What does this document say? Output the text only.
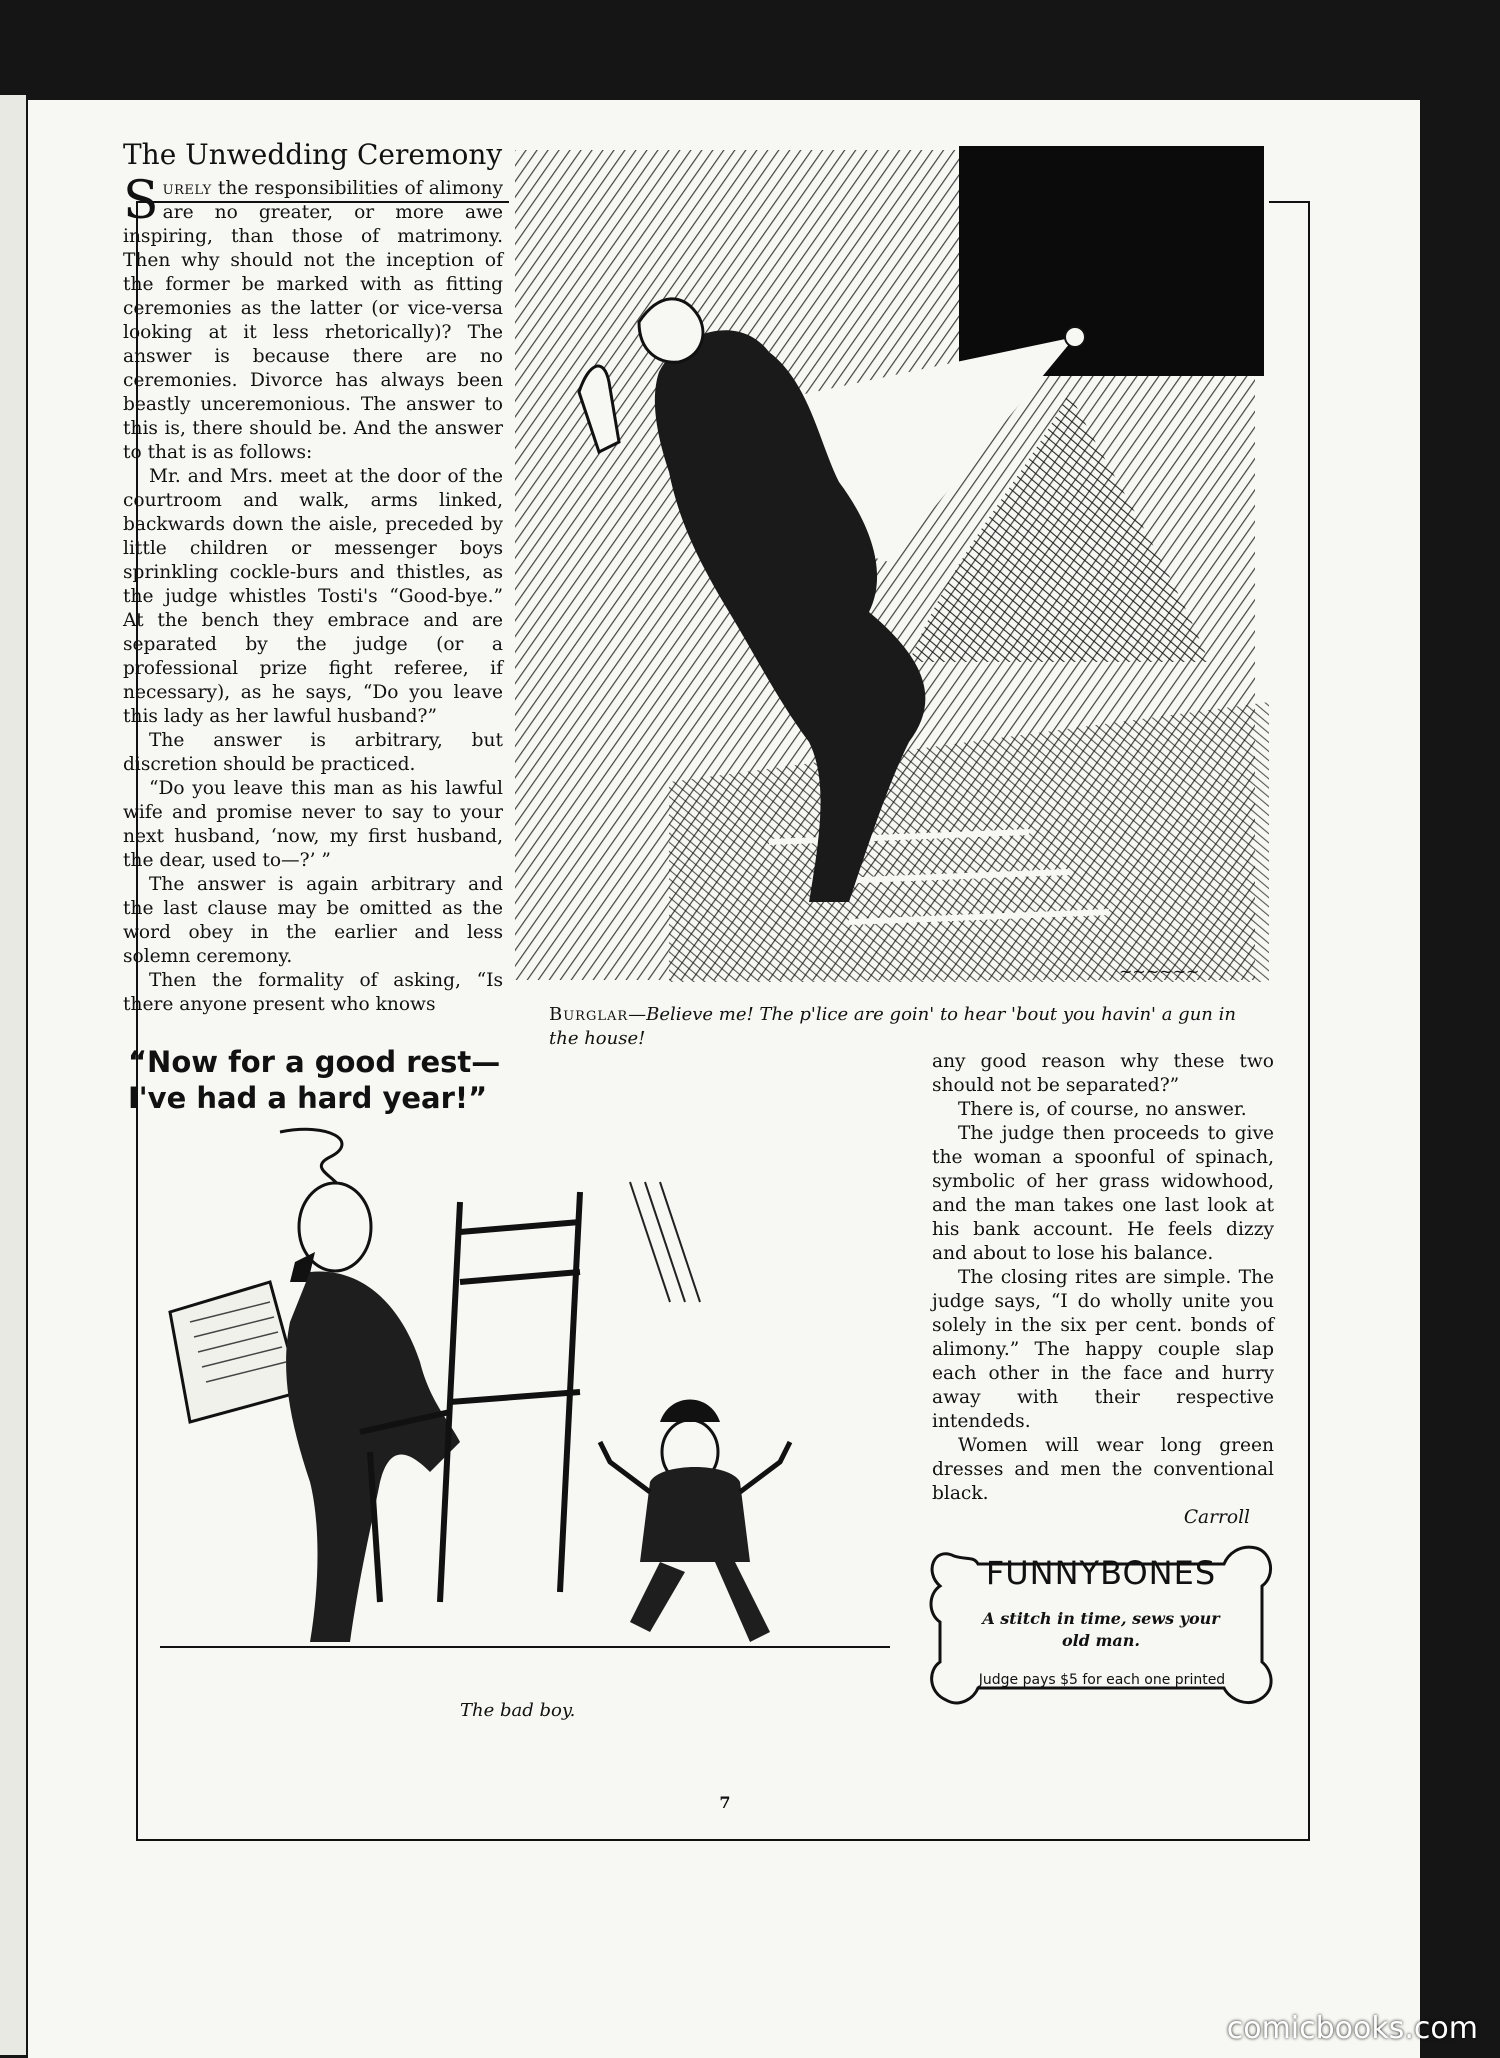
The Unwedding Ceremony

Surely the responsibilities of alimony are no greater, or more awe inspiring, than those of matrimony. Then why should not the inception of the former be marked with as fitting ceremonies as the latter (or vice-versa looking at it less rhetorically)? The answer is because there are no ceremonies. Divorce has always been beastly unceremonious. The answer to this is, there should be. And the answer to that is as follows:

Mr. and Mrs. meet at the door of the courtroom and walk, arms linked, backwards down the aisle, preceded by little children or messenger boys sprinkling cockle-burs and thistles, as the judge whistles Tosti's “Good-bye.” At the bench they embrace and are separated by the judge (or a professional prize fight referee, if necessary), as he says, “Do you leave this lady as her lawful husband?”

The answer is arbitrary, but discretion should be practiced.

“Do you leave this man as his lawful wife and promise never to say to your next husband, ‘now, my first husband, the dear, used to—?’ ”

The answer is again arbitrary and the last clause may be omitted as the word obey in the earlier and less solemn ceremony.

Then the formality of asking, “Is there anyone present who knows

~~~~~~
Burglar—Believe me! The p'lice are goin' to hear 'bout you havin' a gun in the house!
“Now for a good rest—
I've had a hard year!”
The bad boy.

any good reason why these two should not be separated?”

There is, of course, no answer.

The judge then proceeds to give the woman a spoonful of spinach, symbolic of her grass widowhood, and the man takes one last look at his bank account. He feels dizzy and about to lose his balance.

The closing rites are simple. The judge says, “I do wholly unite you solely in the six per cent. bonds of alimony.” The happy couple slap each other in the face and hurry away with their respective intendeds.

Women will wear long green dresses and men the conventional black.

Carroll

FUNNYBONES
A stitch in time, sews your old man.
Judge pays $5 for each one printed
7
comicbooks.com
